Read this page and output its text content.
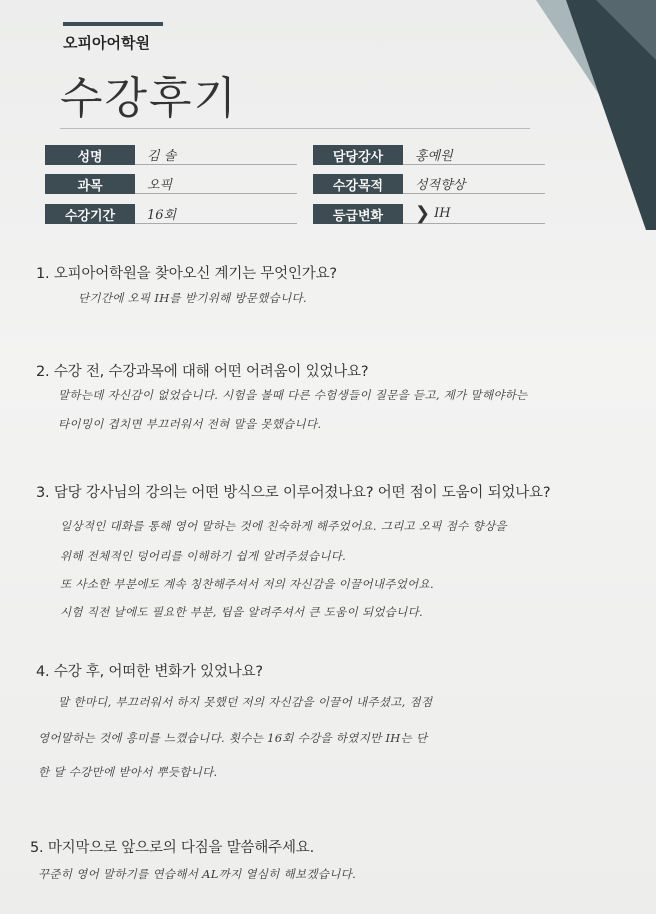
오피아어학원
수강후기
성명	김 솔	담당강사	홍예원
과목	오픽	수강목적	성적향상
수강기간	16회	등급변화	❯ IH
1. 오피아어학원을 찾아오신 계기는 무엇인가요?
단기간에 오픽 IH를 받기위해 방문했습니다.
2. 수강 전, 수강과목에 대해 어떤 어려움이 있었나요?
말하는데 자신감이 없었습니다. 시험을 볼때 다른 수험생들이 질문을 듣고, 제가 말해야하는
타이밍이 겹치면 부끄러워서 전혀 말을 못했습니다.
3. 담당 강사님의 강의는 어떤 방식으로 이루어졌나요? 어떤 점이 도움이 되었나요?
일상적인 대화를 통해 영어 말하는 것에 친숙하게 해주었어요. 그리고 오픽 점수 향상을
위해 전체적인 덩어리를 이해하기 쉽게 알려주셨습니다.
또 사소한 부분에도 계속 칭찬해주셔서 저의 자신감을 이끌어내주었어요.
시험 직전 날에도 필요한 부분, 팁을 알려주셔서 큰 도움이 되었습니다.
4. 수강 후, 어떠한 변화가 있었나요?
말 한마디, 부끄러워서 하지 못했던 저의 자신감을 이끌어 내주셨고, 점점
영어말하는 것에 흥미를 느꼈습니다. 횟수는 16회 수강을 하였지만 IH는 단
한 달 수강만에 받아서 뿌듯합니다.
5. 마지막으로 앞으로의 다짐을 말씀해주세요.
꾸준히 영어 말하기를 연습해서 AL까지 열심히 해보겠습니다.
